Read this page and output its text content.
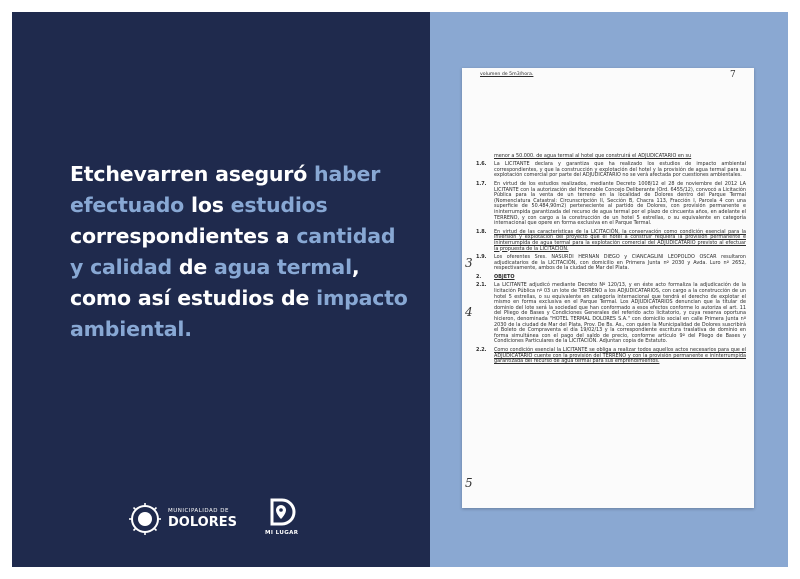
Etchevarren aseguró haber efectuado los estudios correspondientes a cantidad y calidad de agua termal, como así estudios de impacto ambiental.
MUNICIPALIDAD DE
DOLORES
MI LUGAR
7
volumen de 5m3/hora.
menor a 50.000. de agua termal al hotel que construirá el ADJUDICATARIO en su
1.6.	La LICITANTE declara y garantiza que ha realizado los estudios de impacto ambiental correspondientes, y que la construcción y explotación del hotel y la provisión de agua termal para su explotación comercial por parte del ADJUDICATARIO no se verá afectada por cuestiones ambientales.
1.7.	En virtud de los estudios realizados, mediante Decreto 1008/12 el 28 de noviembre del 2012 LA LICITANTE con la autorización del Honorable Concejo Deliberante (Ord. 6455/12), convocó a Licitación Pública para la venta de un terreno en la localidad de Dolores dentro del Parque Termal (Nomenclatura Catastral: Circunscripción II, Sección B, Chacra 113, Fracción I, Parcela 4 con una superficie de 50.484,90m2) perteneciente al partido de Dolores, con provisión permanente e ininterrumpida garantizada del recurso de agua termal por el plazo de cincuenta años, en adelante el TERRENO, y con cargo a la construcción de un hotel 5 estrellas, o su equivalente en categoría internacional que opere en forma exclusiva en el Parque Termal.
1.8.	En virtud de las características de la LICITACIÓN, la conservación como condición esencial para la inversión y explotación del proyecto que el hotel a construir requiera la provisión permanente e ininterrumpida de agua termal para la explotación comercial del ADJUDICATARIO previsto al efectuar la propuesta de la LICITACIÓN.
1.9.	Los oferentes Sres. NASURDI HERNAN DIEGO y CIANCAGLINI LEOPOLDO OSCAR resultaron adjudicatarios de la LICITACIÓN, con domicilio en Primera Junta nº 2030 y Avda. Luro nº 2652, respectivamente, ambos de la ciudad de Mar del Plata.
2.	OBJETO
2.1.	La LICITANTE adjudicó mediante Decreto Nº 120/13, y en éste acto formaliza la adjudicación de la licitación Pública nº 03 un lote de TERRENO a los ADJUDICATARIOS, con cargo a la construcción de un hotel 5 estrellas, o su equivalente en categoría internacional que tendrá el derecho de explotar el mismo en forma exclusiva en el Parque Termal. Los ADJUDICATARIOS denuncian que la titular de dominio del lote será la sociedad que han conformado a esos efectos conforme lo autoriza el art. 11 del Pliego de Bases y Condiciones Generales del referido acto licitatorio, y cuya reserva oportuna hicieron, denominada "HOTEL TERMAL DOLORES S.A." con domicilio social en calle Primera Junta nº 2030 de la ciudad de Mar del Plata, Prov. De Bs. As., con quien la Municipalidad de Dolores suscribirá el Boleto de Compraventa el día 19/02/13 y la correspondiente escritura traslativa de dominio en forma simultánea con el pago del saldo de precio, conforme artículo 9º del Pliego de Bases y Condiciones Particulares de la LICITACIÓN. Adjuntan copia de Estatuto.
2.2.	Como condición esencial la LICITANTE se obliga a realizar todos aquellos actos necesarios para que el ADJUDICATARIO cuente con la provisión del TERRENO y con la provisión permanente e ininterrumpida garantizada del recurso de agua termal para sus emprendimientos.
3
4
5
